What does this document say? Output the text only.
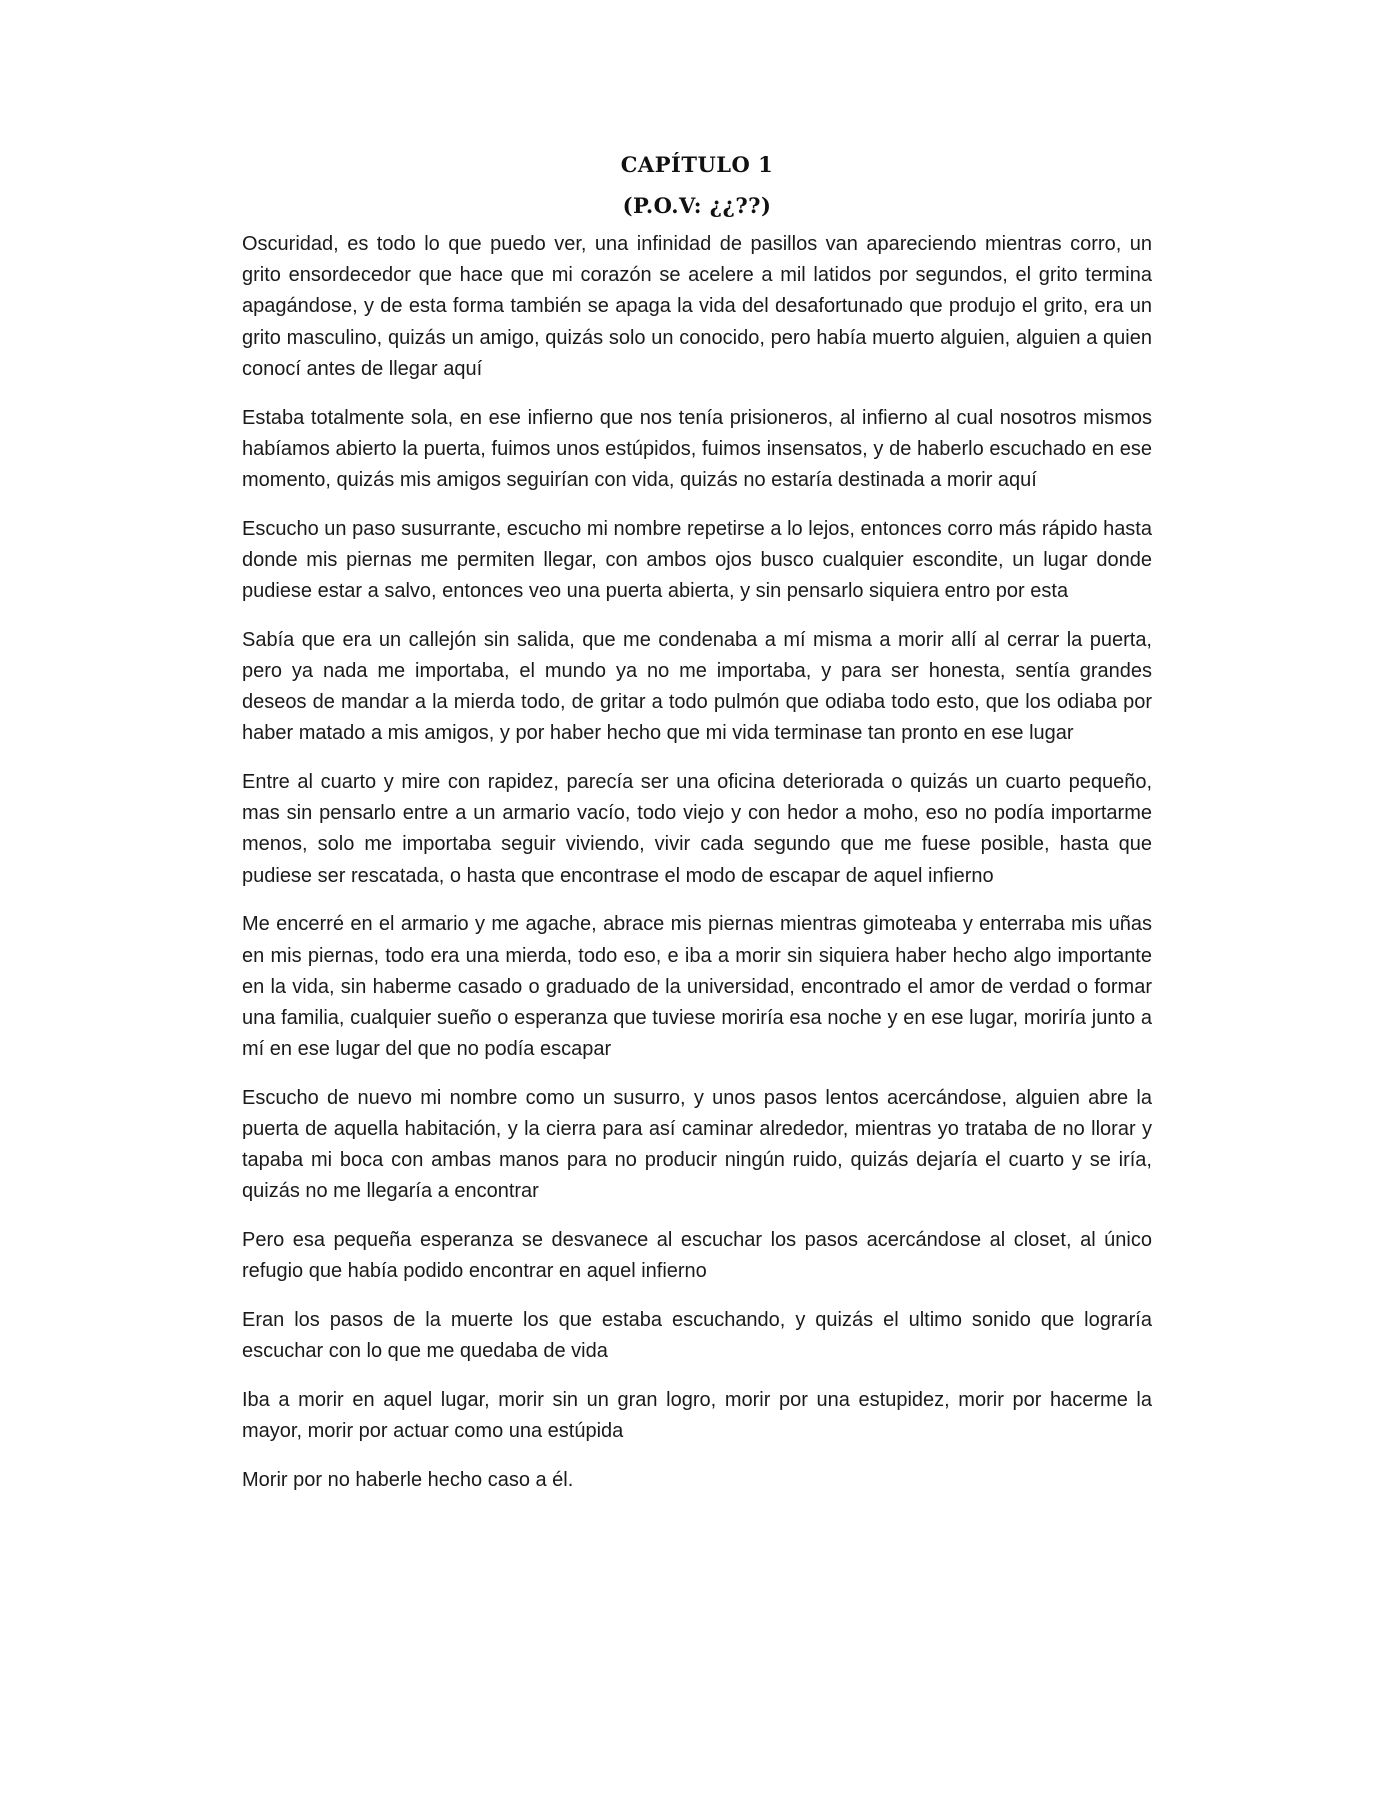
CAPÍTULO 1
(P.O.V: ¿¿??)

Oscuridad, es todo lo que puedo ver, una infinidad de pasillos van apareciendo mientras corro, un grito ensordecedor que hace que mi corazón se acelere a mil latidos por segundos, el grito termina apagándose, y de esta forma también se apaga la vida del desafortunado que produjo el grito, era un grito masculino, quizás un amigo, quizás solo un conocido, pero había muerto alguien, alguien a quien conocí antes de llegar aquí

Estaba totalmente sola, en ese infierno que nos tenía prisioneros, al infierno al cual nosotros mismos habíamos abierto la puerta, fuimos unos estúpidos, fuimos insensatos, y de haberlo escuchado en ese momento, quizás mis amigos seguirían con vida, quizás no estaría destinada a morir aquí

Escucho un paso susurrante, escucho mi nombre repetirse a lo lejos, entonces corro más rápido hasta donde mis piernas me permiten llegar, con ambos ojos busco cualquier escondite, un lugar donde pudiese estar a salvo, entonces veo una puerta abierta, y sin pensarlo siquiera entro por esta

Sabía que era un callejón sin salida, que me condenaba a mí misma a morir allí al cerrar la puerta, pero ya nada me importaba, el mundo ya no me importaba, y para ser honesta, sentía grandes deseos de mandar a la mierda todo, de gritar a todo pulmón que odiaba todo esto, que los odiaba por haber matado a mis amigos, y por haber hecho que mi vida terminase tan pronto en ese lugar

Entre al cuarto y mire con rapidez, parecía ser una oficina deteriorada o quizás un cuarto pequeño, mas sin pensarlo entre a un armario vacío, todo viejo y con hedor a moho, eso no podía importarme menos, solo me importaba seguir viviendo, vivir cada segundo que me fuese posible, hasta que pudiese ser rescatada, o hasta que encontrase el modo de escapar de aquel infierno

Me encerré en el armario y me agache, abrace mis piernas mientras gimoteaba y enterraba mis uñas en mis piernas, todo era una mierda, todo eso, e iba a morir sin siquiera haber hecho algo importante en la vida, sin haberme casado o graduado de la universidad, encontrado el amor de verdad o formar una familia, cualquier sueño o esperanza que tuviese moriría esa noche y en ese lugar, moriría junto a mí en ese lugar del que no podía escapar

Escucho de nuevo mi nombre como un susurro, y unos pasos lentos acercándose, alguien abre la puerta de aquella habitación, y la cierra para así caminar alrededor, mientras yo trataba de no llorar y tapaba mi boca con ambas manos para no producir ningún ruido, quizás dejaría el cuarto y se iría, quizás no me llegaría a encontrar

Pero esa pequeña esperanza se desvanece al escuchar los pasos acercándose al closet, al único refugio que había podido encontrar en aquel infierno

Eran los pasos de la muerte los que estaba escuchando, y quizás el ultimo sonido que lograría escuchar con lo que me quedaba de vida

Iba a morir en aquel lugar, morir sin un gran logro, morir por una estupidez, morir por hacerme la mayor, morir por actuar como una estúpida

Morir por no haberle hecho caso a él.
